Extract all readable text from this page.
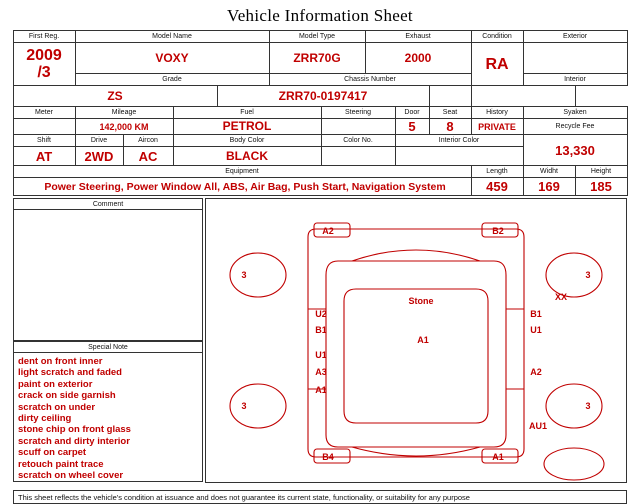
Vehicle Information Sheet
First Reg.	Model Name				Model Type		Exhaust			Condition	Exterior	

2009
/3	VOXY				ZRR70G		2000			RA		
	Grade				Chassis Number						Interior	
ZS				ZRR70-0197417								
Meter	Mileage		Fuel			Steering		Door	Seat	History	Syaken	
	142,000 KM		PETROL					5	8	PRIVATE	Recycle Fee	
Shift	Drive	Aircon	Body Color			Color No.		Interior Color			13,330	
AT	2WD	AC	BLACK									
Equipment										Length	Widht	Height
Power Steering, Power Window All, ABS, Air Bag, Push Start, Navigation System										459	169	185
Comment
Special Note
dent on front inner
light scratch and faded
paint on exterior
crack on side garnish
scratch on under
dirty ceiling
stone chip on front glass
scratch and dirty interior
scuff on carpet
retouch paint trace
scratch on wheel cover
A2	B2
3	3
XX
Stone
U2	B1
B1	U1
A1
U1
A3	A2
A1
3	3
AU1
B4	A1
This sheet reflects the vehicle's condition at issuance and does not guarantee its current state, functionality, or suitability for any purpose
